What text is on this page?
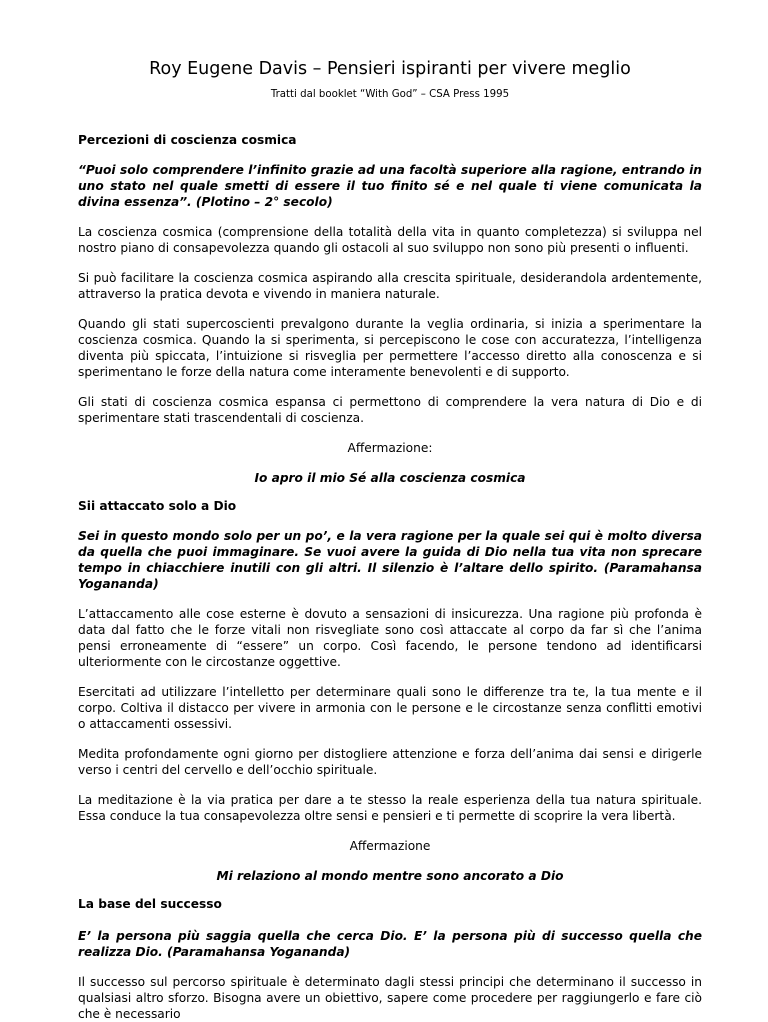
Roy Eugene Davis – Pensieri ispiranti per vivere meglio

Tratti dal booklet “With God” – CSA Press 1995

Percezioni di coscienza cosmica

“Puoi solo comprendere l’infinito grazie ad una facoltà superiore alla ragione, entrando in uno stato nel quale smetti di essere il tuo finito sé e nel quale ti viene comunicata la divina essenza”. (Plotino – 2° secolo)

La coscienza cosmica (comprensione della totalità della vita in quanto completezza) si sviluppa nel nostro piano di consapevolezza quando gli ostacoli al suo sviluppo non sono più presenti o influenti.

Si può facilitare la coscienza cosmica aspirando alla crescita spirituale, desiderandola ardentemente, attraverso la pratica devota e vivendo in maniera naturale.

Quando gli stati supercoscienti prevalgono durante la veglia ordinaria, si inizia a sperimentare la coscienza cosmica. Quando la si sperimenta, si percepiscono le cose con accuratezza, l’intelligenza diventa più spiccata, l’intuizione si risveglia per permettere l’accesso diretto alla conoscenza e si sperimentano le forze della natura come interamente benevolenti e di supporto.

Gli stati di coscienza cosmica espansa ci permettono di comprendere la vera natura di Dio e di sperimentare stati trascendentali di coscienza.

Affermazione:

Io apro il mio Sé alla coscienza cosmica

Sii attaccato solo a Dio

Sei in questo mondo solo per un po’, e la vera ragione per la quale sei qui è molto diversa da quella che puoi immaginare. Se vuoi avere la guida di Dio nella tua vita non sprecare tempo in chiacchiere inutili con gli altri. Il silenzio è l’altare dello spirito. (Paramahansa Yogananda)

L’attaccamento alle cose esterne è dovuto a sensazioni di insicurezza. Una ragione più profonda è data dal fatto che le forze vitali non risvegliate sono così attaccate al corpo da far sì che l’anima pensi erroneamente di “essere” un corpo. Così facendo, le persone tendono ad identificarsi ulteriormente con le circostanze oggettive.

Esercitati ad utilizzare l’intelletto per determinare quali sono le differenze tra te, la tua mente e il corpo. Coltiva il distacco per vivere in armonia con le persone e le circostanze senza conflitti emotivi o attaccamenti ossessivi.

Medita profondamente ogni giorno per distogliere attenzione e forza dell’anima dai sensi e dirigerle verso i centri del cervello e dell’occhio spirituale.

La meditazione è la via pratica per dare a te stesso la reale esperienza della tua natura spirituale. Essa conduce la tua consapevolezza oltre sensi e pensieri e ti permette di scoprire la vera libertà.

Affermazione

Mi relaziono al mondo mentre sono ancorato a Dio

La base del successo

E’ la persona più saggia quella che cerca Dio. E’ la persona più di successo quella che realizza Dio. (Paramahansa Yogananda)

Il successo sul percorso spirituale è determinato dagli stessi principi che determinano il successo in qualsiasi altro sforzo. Bisogna avere un obiettivo, sapere come procedere per raggiungerlo e fare ciò che è necessario
